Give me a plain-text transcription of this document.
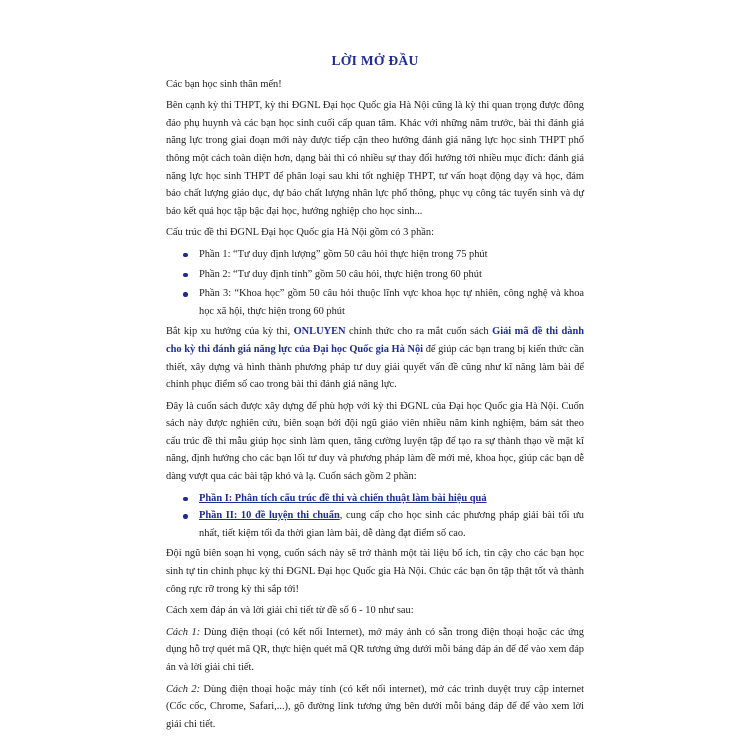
LỜI MỞ ĐẦU

Các bạn học sinh thân mến!

Bên cạnh kỳ thi THPT, kỳ thi ĐGNL Đại học Quốc gia Hà Nội cũng là kỳ thi quan trọng được đông đảo phụ huynh và các bạn học sinh cuối cấp quan tâm. Khác với những năm trước, bài thi đánh giá năng lực trong giai đoạn mới này được tiếp cận theo hướng đánh giá năng lực học sinh THPT phổ thông một cách toàn diện hơn, dạng bài thi có nhiều sự thay đổi hướng tới nhiều mục đích: đánh giá năng lực học sinh THPT để phân loại sau khi tốt nghiệp THPT, tư vấn hoạt động dạy và học, đảm bảo chất lượng giáo dục, dự báo chất lượng nhân lực phổ thông, phục vụ công tác tuyển sinh và dự báo kết quả học tập bậc đại học, hướng nghiệp cho học sinh...

Cấu trúc đề thi ĐGNL Đại học Quốc gia Hà Nội gồm có 3 phần:

Phần 1: “Tư duy định lượng” gồm 50 câu hỏi thực hiện trong 75 phút
Phần 2: “Tư duy định tính” gồm 50 câu hỏi, thực hiện trong 60 phút
Phần 3: “Khoa học” gồm 50 câu hỏi thuộc lĩnh vực khoa học tự nhiên, công nghệ và khoa học xã hội, thực hiện trong 60 phút

Bắt kịp xu hướng của kỳ thi, ONLUYEN chính thức cho ra mắt cuốn sách Giải mã đề thi dành cho kỳ thi đánh giá năng lực của Đại học Quốc gia Hà Nội để giúp các bạn trang bị kiến thức cần thiết, xây dựng và hình thành phương pháp tư duy giải quyết vấn đề cũng như kĩ năng làm bài để chinh phục điểm số cao trong bài thi đánh giá năng lực.

Đây là cuốn sách được xây dựng để phù hợp với kỳ thi ĐGNL của Đại học Quốc gia Hà Nội. Cuốn sách này được nghiên cứu, biên soạn bởi đội ngũ giáo viên nhiều năm kinh nghiệm, bám sát theo cấu trúc đề thi mẫu giúp học sinh làm quen, tăng cường luyện tập để tạo ra sự thành thạo về mặt kĩ năng, định hướng cho các bạn lối tư duy và phương pháp làm đề mới mẻ, khoa học, giúp các bạn dễ dàng vượt qua các bài tập khó và lạ. Cuốn sách gồm 2 phần:

Phần I: Phân tích cấu trúc đề thi và chiến thuật làm bài hiệu quả
Phần II: 10 đề luyện thi chuẩn, cung cấp cho học sinh các phương pháp giải bài tối ưu nhất, tiết kiệm tối đa thời gian làm bài, dễ dàng đạt điểm số cao.

Đội ngũ biên soạn hi vọng, cuốn sách này sẽ trở thành một tài liệu bổ ích, tin cậy cho các bạn học sinh tự tin chinh phục kỳ thi ĐGNL Đại học Quốc gia Hà Nội. Chúc các bạn ôn tập thật tốt và thành công rực rỡ trong kỳ thi sắp tới!

Cách xem đáp án và lời giải chi tiết từ đề số 6 - 10 như sau:

Cách 1: Dùng điện thoại (có kết nối Internet), mở máy ảnh có sẵn trong điện thoại hoặc các ứng dụng hỗ trợ quét mã QR, thực hiện quét mã QR tương ứng dưới mỗi bảng đáp án để để vào xem đáp án và lời giải chi tiết.

Cách 2: Dùng điện thoại hoặc máy tính (có kết nối internet), mở các trình duyệt truy cập internet (Cốc cốc, Chrome, Safari,...), gõ đường link tương ứng bên dưới mỗi bảng đáp để để vào xem lời giải chi tiết.
